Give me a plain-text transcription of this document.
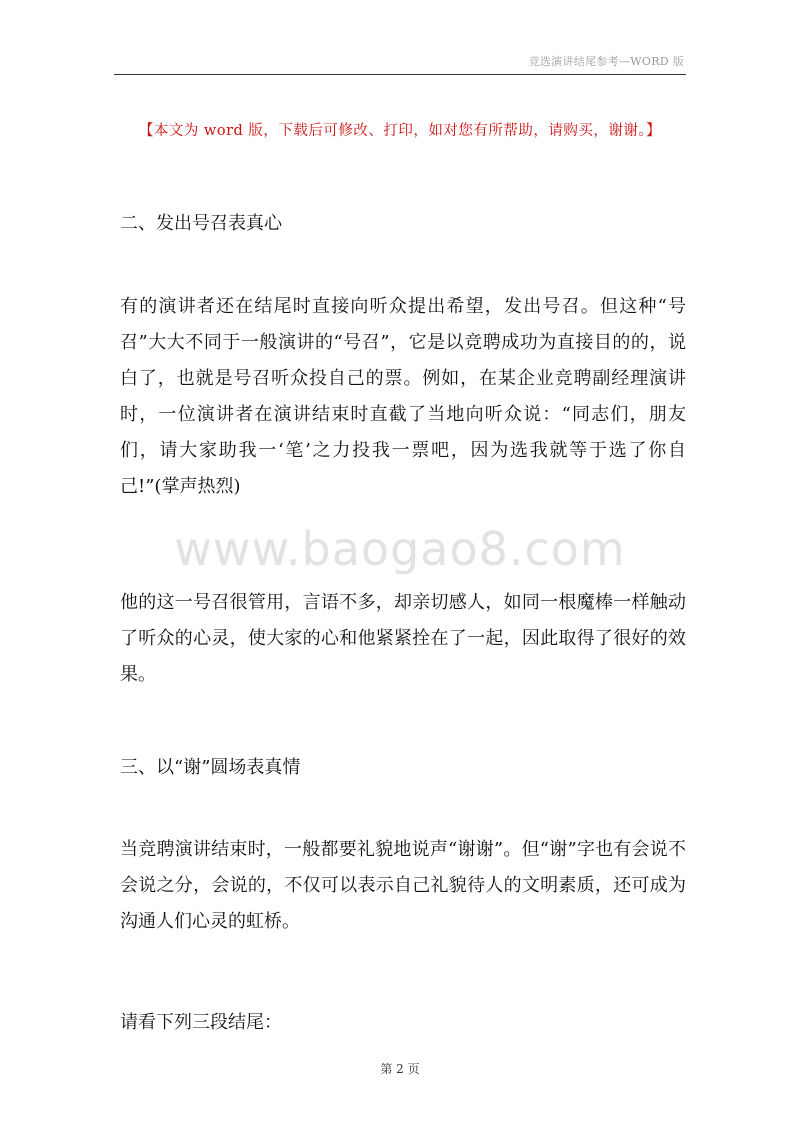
竞选演讲结尾参考—WORD 版
【本文为 word 版，下载后可修改、打印，如对您有所帮助，请购买，谢谢。】

二、发出号召表真心

有的演讲者还在结尾时直接向听众提出希望，发出号召。但这种“号召”大大不同于一般演讲的“号召”，它是以竞聘成功为直接目的的，说白了，也就是号召听众投自己的票。例如，在某企业竞聘副经理演讲时，一位演讲者在演讲结束时直截了当地向听众说：“同志们，朋友们，请大家助我一‘笔’之力投我一票吧，因为选我就等于选了你自己!”(掌声热烈)

他的这一号召很管用，言语不多，却亲切感人，如同一根魔棒一样触动了听众的心灵，使大家的心和他紧紧拴在了一起，因此取得了很好的效果。

三、以“谢”圆场表真情

当竞聘演讲结束时，一般都要礼貌地说声“谢谢”。但“谢”字也有会说不会说之分，会说的，不仅可以表示自己礼貌待人的文明素质，还可成为沟通人们心灵的虹桥。

请看下列三段结尾：

www.baogao8.com
第 2 页
